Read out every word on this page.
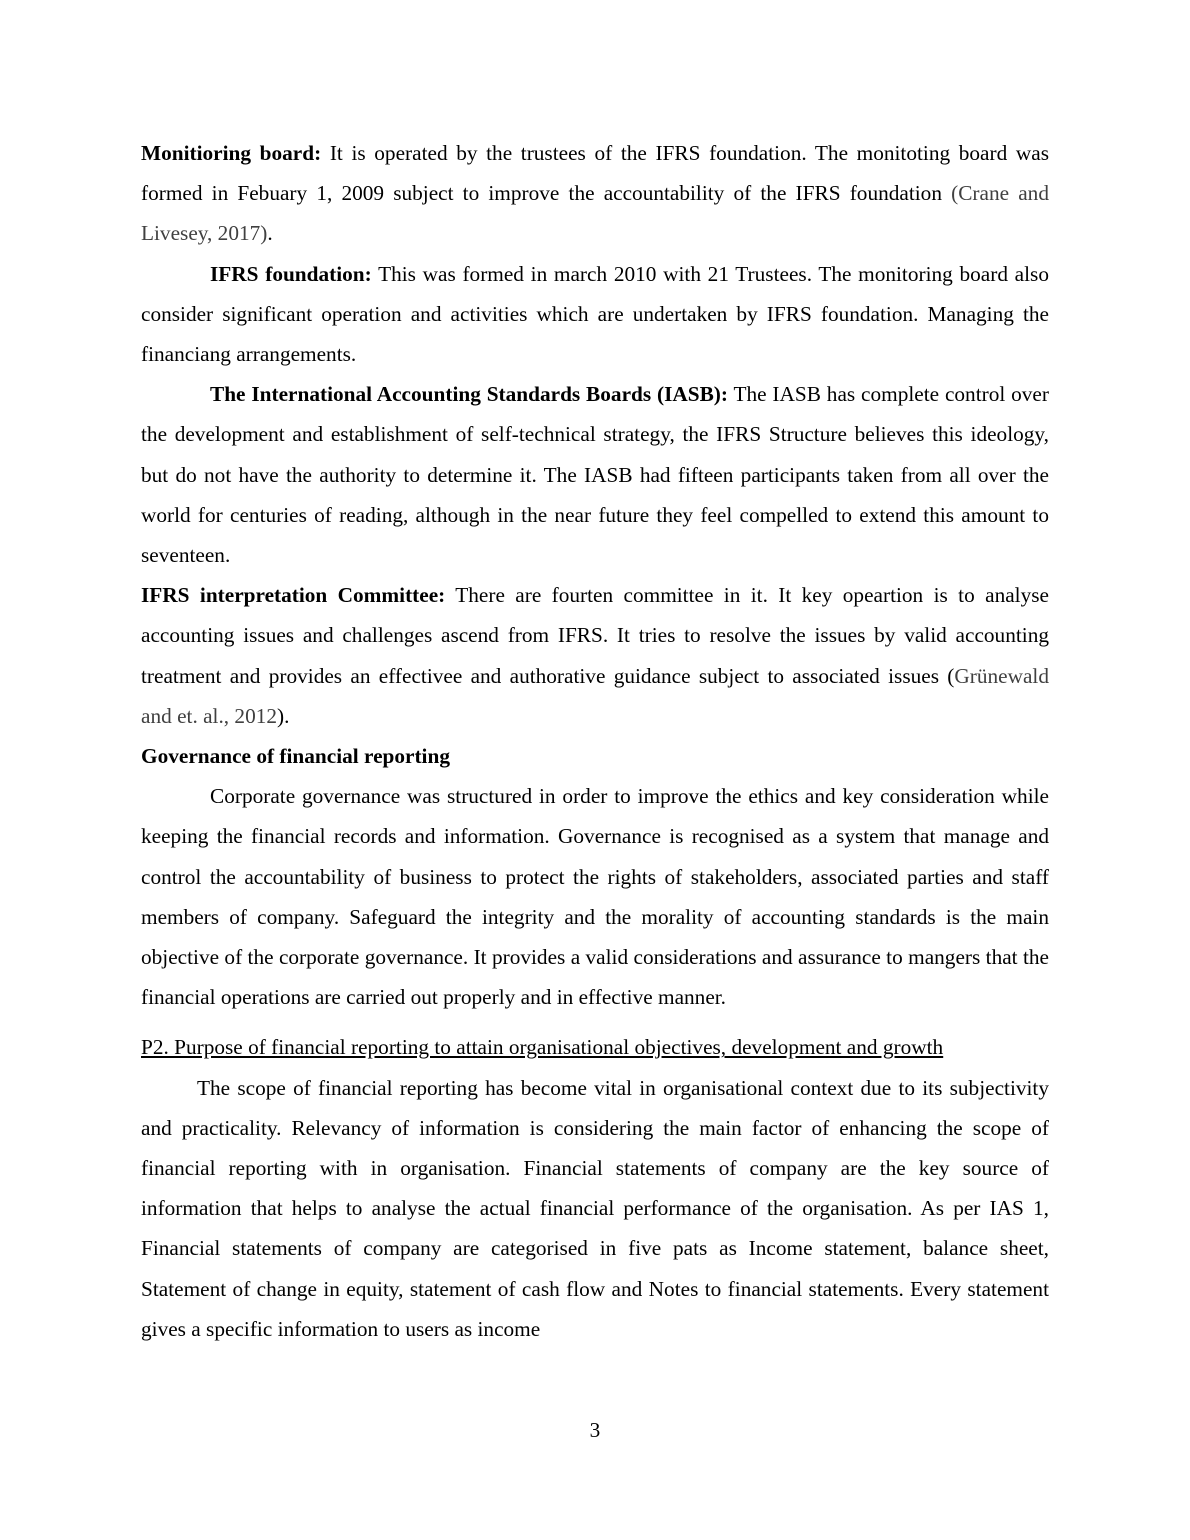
Monitioring board: It is operated by the trustees of the IFRS foundation. The monitoting board was formed in Febuary 1, 2009 subject to improve the accountability of the IFRS foundation (Crane and Livesey, 2017).

IFRS foundation: This was formed in march 2010 with 21 Trustees. The monitoring board also consider significant operation and activities which are undertaken by IFRS foundation. Managing the financiang arrangements.

The International Accounting Standards Boards (IASB): The IASB has complete control over the development and establishment of self-technical strategy, the IFRS Structure believes this ideology, but do not have the authority to determine it. The IASB had fifteen participants taken from all over the world for centuries of reading, although in the near future they feel compelled to extend this amount to seventeen.

IFRS interpretation Committee: There are fourten committee in it. It key opeartion is to analyse accounting issues and challenges ascend from IFRS. It tries to resolve the issues by valid accounting treatment and provides an effectivee and authorative guidance subject to associated issues (Grünewald and et. al., 2012).

Governance of financial reporting

Corporate governance was structured in order to improve the ethics and key consideration while keeping the financial records and information. Governance is recognised as a system that manage and control the accountability of business to protect the rights of stakeholders, associated parties and staff members of company. Safeguard the integrity and the morality of accounting standards is the main objective of the corporate governance. It provides a valid considerations and assurance to mangers that the financial operations are carried out properly and in effective manner.

P2. Purpose of financial reporting to attain organisational objectives, development and growth

The scope of financial reporting has become vital in organisational context due to its subjectivity and practicality. Relevancy of information is considering the main factor of enhancing the scope of financial reporting with in organisation. Financial statements of company are the key source of information that helps to analyse the actual financial performance of the organisation. As per IAS 1, Financial statements of company are categorised in five pats as Income statement, balance sheet, Statement of change in equity, statement of cash flow and Notes to financial statements. Every statement gives a specific information to users as income

3
